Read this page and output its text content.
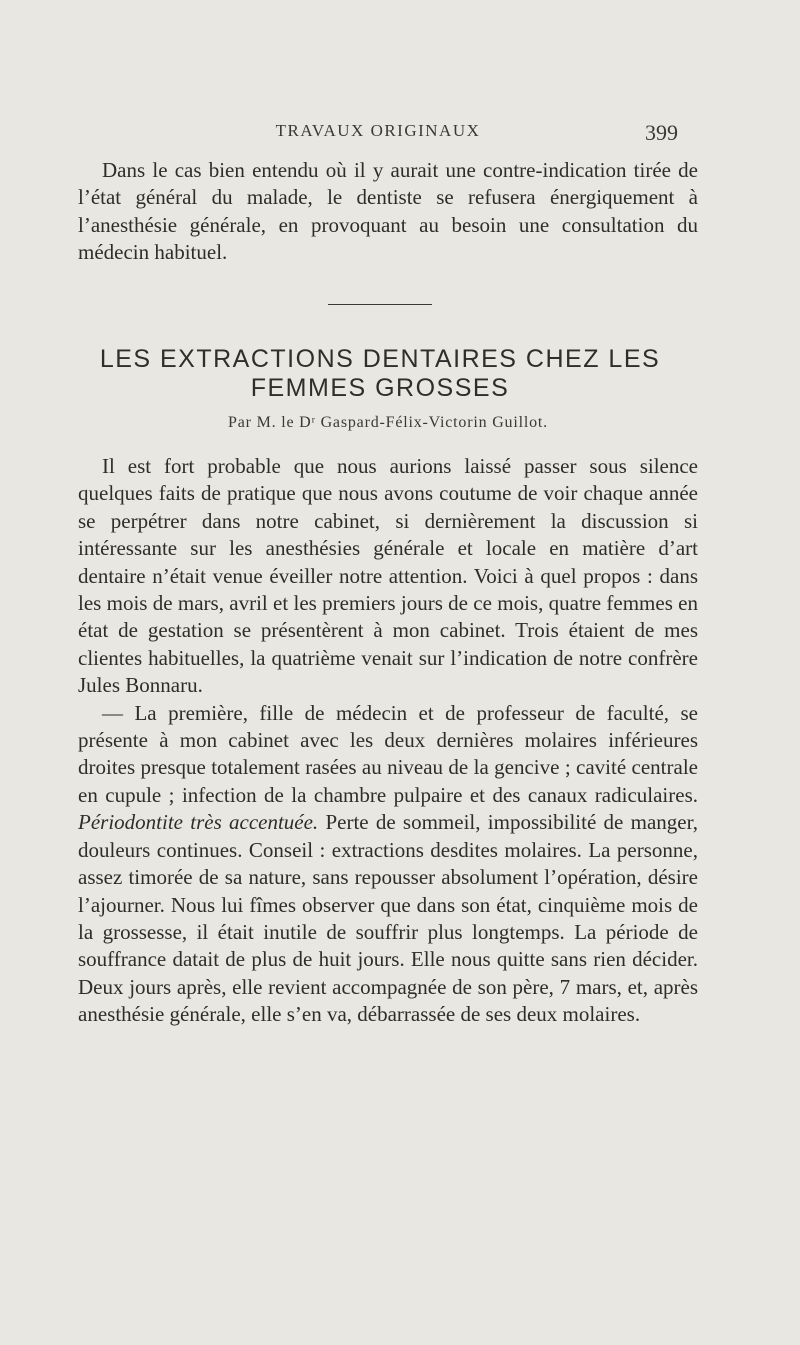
TRAVAUX ORIGINAUX	399

Dans le cas bien entendu où il y aurait une contre-indication tirée de l’état général du malade, le dentiste se refusera énergiquement à l’anesthésie générale, en provoquant au besoin une consultation du médecin habituel.

LES EXTRACTIONS DENTAIRES CHEZ LES
FEMMES GROSSES
Par M. le Dʳ Gaspard-Félix-Victorin Guillot.

Il est fort probable que nous aurions laissé passer sous silence quelques faits de pratique que nous avons coutume de voir chaque année se perpétrer dans notre cabinet, si dernièrement la discussion si intéressante sur les anesthésies générale et locale en matière d’art dentaire n’était venue éveiller notre attention. Voici à quel propos : dans les mois de mars, avril et les premiers jours de ce mois, quatre femmes en état de gestation se présentèrent à mon cabinet. Trois étaient de mes clientes habituelles, la quatrième venait sur l’indication de notre confrère Jules Bonnaru.

— La première, fille de médecin et de professeur de faculté, se présente à mon cabinet avec les deux dernières molaires inférieures droites presque totalement rasées au niveau de la gencive ; cavité centrale en cupule ; infection de la chambre pulpaire et des canaux radiculaires. Périodontite très accentuée. Perte de sommeil, impossibilité de manger, douleurs continues. Conseil : extractions desdites molaires. La personne, assez timorée de sa nature, sans repousser absolument l’opération, désire l’ajourner. Nous lui fîmes observer que dans son état, cinquième mois de la grossesse, il était inutile de souffrir plus longtemps. La période de souffrance datait de plus de huit jours. Elle nous quitte sans rien décider. Deux jours après, elle revient accompagnée de son père, 7 mars, et, après anesthésie générale, elle s’en va, débarrassée de ses deux molaires.
